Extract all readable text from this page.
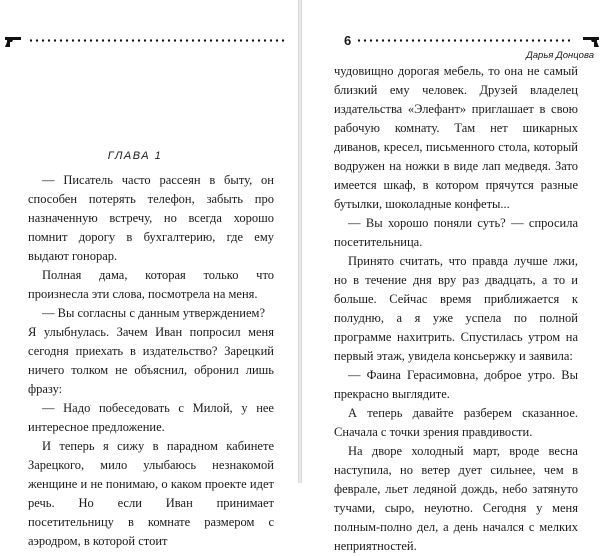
ГЛАВА 1

— Писатель часто рассеян в быту, он способен потерять телефон, забыть про назначенную встречу, но всегда хорошо помнит дорогу в бухгалтерию, где ему выдают гонорар.

Полная дама, которая только что произнесла эти слова, посмотрела на меня.

— Вы согласны с данным утверждением?

Я улыбнулась. Зачем Иван попросил меня сегодня приехать в издательство? Зарецкий ничего толком не объяснил, обронил лишь фразу:

— Надо побеседовать с Милой, у нее интересное предложение.

И теперь я сижу в парадном кабинете Зарецкого, мило улыбаюсь незнакомой женщине и не понимаю, о каком проекте идет речь. Но если Иван принимает посетительницу в комнате размером с аэродром, в которой стоит

6
Дарья Донцова

чудовищно дорогая мебель, то она не самый близкий ему человек. Друзей владелец издательства «Элефант» приглашает в свою рабочую комнату. Там нет шикарных диванов, кресел, письменного стола, который водружен на ножки в виде лап медведя. Зато имеется шкаф, в котором прячутся разные бутылки, шоколадные конфеты...

— Вы хорошо поняли суть? — спросила посетительница.

Принято считать, что правда лучше лжи, но в течение дня вру раз двадцать, а то и больше. Сейчас время приближается к полудню, а я уже успела по полной программе нахитрить. Спустилась утром на первый этаж, увидела консьержку и заявила:

— Фаина Герасимовна, доброе утро. Вы прекрасно выглядите.

А теперь давайте разберем сказанное. Сначала с точки зрения правдивости.

На дворе холодный март, вроде весна наступила, но ветер дует сильнее, чем в феврале, льет ледяной дождь, небо затянуто тучами, сыро, неуютно. Сегодня у меня полным-полно дел, а день начался с мелких неприятностей.
